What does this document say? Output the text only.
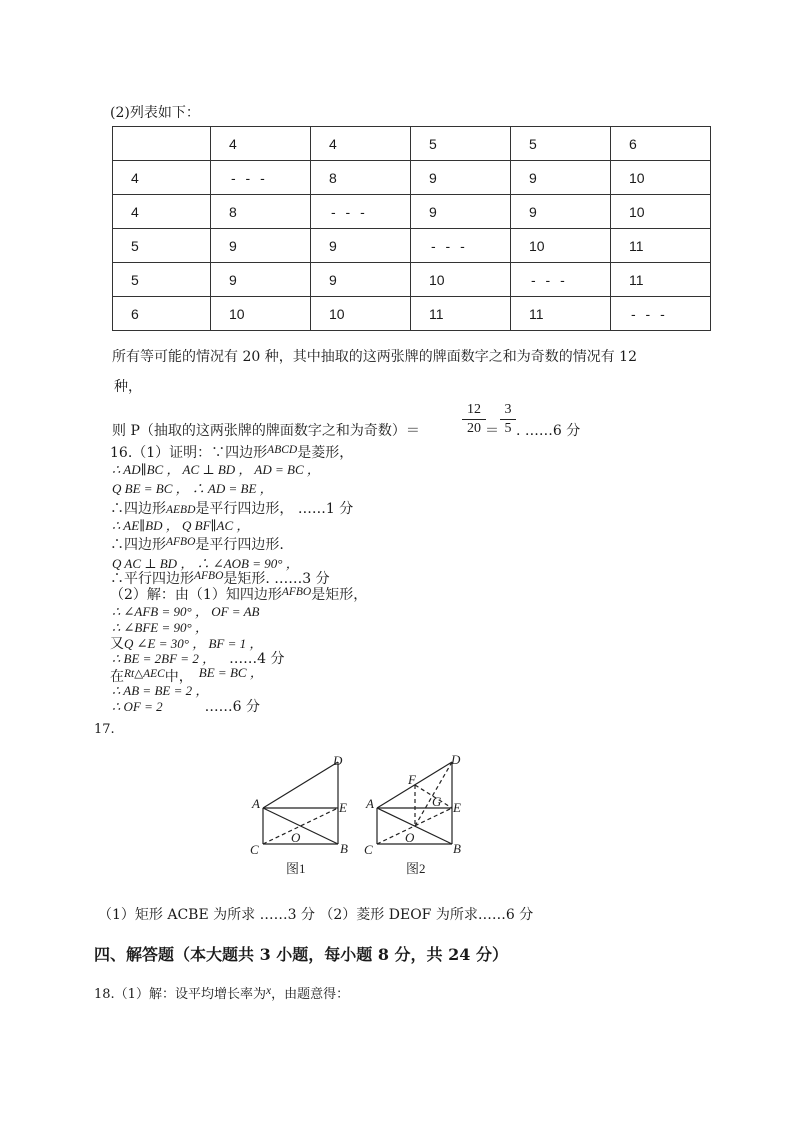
(2)列表如下：
	4	4	5	5	6
4	- - -	8	9	9	10
4	8	- - -	9	9	10
5	9	9	- - -	10	11
5	9	9	10	- - -	11
6	10	10	11	11	- - -
所有等可能的情况有 20 种，其中抽取的这两张牌的牌面数字之和为奇数的情况有 12
种，
则 P（抽取的这两张牌的牌面数字之和为奇数）＝
12
20 ＝
3
5 . ……6 分
16.（1）证明：∵四边形$^{ABCD}$是菱形，
∴ AD∥BC ， AC ⊥ BD ， AD = BC ，
Q BE = BC ， ∴ AD = BE ，
∴四边形AEBD是平行四边形， ……1 分
∴ AE∥BD ， Q BF∥AC ，
∴四边形$^{AFBO}$是平行四边形.
Q AC ⊥ BD ， ∴ ∠AOB = 90° ，
∴平行四边形$^{AFBO}$是矩形. ……3 分
（2）解：由（1）知四边形$^{AFBO}$是矩形，
∴ ∠AFB = 90° ， OF = AB
∴ ∠BFE = 90° ，
又Q ∠E = 30° ， BF = 1 ，
∴ BE = 2BF = 2 ， ……4 分
在$^{Rt\triangle AEC}$中， BE = BC ，
∴ AB = BE = 2 ，
∴ OF = 2	……6 分
17.
A
B
C
D
E
O
图1
A
B
C
D
E
O
F
G
图2
（1）矩形 ACBE 为所求 ……3 分 （2）菱形 DEOF 为所求……6 分
四、解答题（本大题共 3 小题，每小题 8 分，共 24 分）
18.（1）解：设平均增长率为x，由题意得：
